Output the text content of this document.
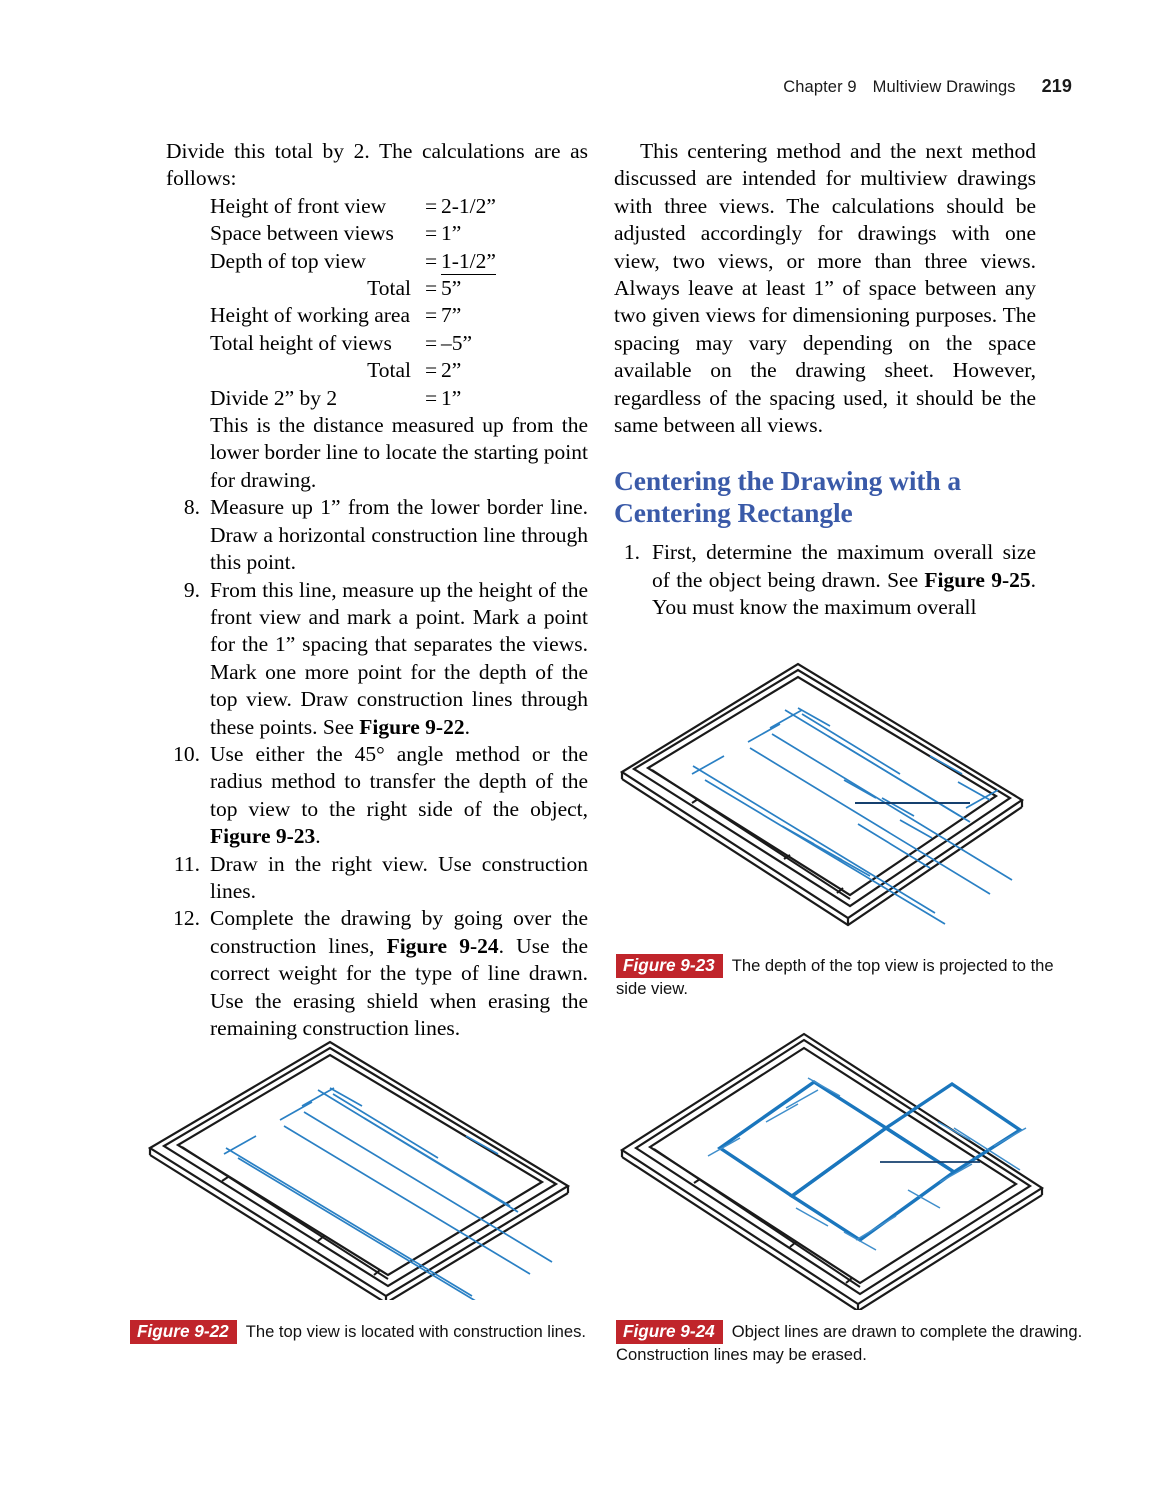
Chapter 9 Multiview Drawings 219

Divide this total by 2. The calculations are as follows:

Height of front view	= 2-1/2”
Space between views	= 1”
Depth of top view	= 1-1/2”
Total = 5”
Height of working area = 7”
Total height of views	= –5”
Total = 2”
Divide 2” by 2	= 1”

This is the distance measured up from the lower border line to locate the starting point for drawing.

8. Measure up 1” from the lower border line. Draw a horizontal construction line through this point.
9. From this line, measure up the height of the front view and mark a point. Mark a point for the 1” spacing that separates the views. Mark one more point for the depth of the top view. Draw construction lines through these points. See Figure 9-22.
10. Use either the 45° angle method or the radius method to transfer the depth of the top view to the right side of the object, Figure 9-23.
11. Draw in the right view. Use construction lines.
12. Complete the drawing by going over the construction lines, Figure 9-24. Use the correct weight for the type of line drawn. Use the erasing shield when erasing the remaining construction lines.

This centering method and the next method discussed are intended for multiview drawings with three views. The calculations should be adjusted accordingly for drawings with one view, two views, or more than three views. Always leave at least 1” of space between any two given views for dimensioning purposes. The spacing may vary depending on the space available on the drawing sheet. However, regardless of the spacing used, it should be the same between all views.

Centering the Drawing with a Centering Rectangle
1. First, determine the maximum overall size of the object being drawn. See Figure 9-25. You must know the maximum overall
Figure 9-23 The depth of the top view is projected to the side view.
Figure 9-22 The top view is located with construction lines.	Figure 9-24 Object lines are drawn to complete the drawing. Construction lines may be erased.
